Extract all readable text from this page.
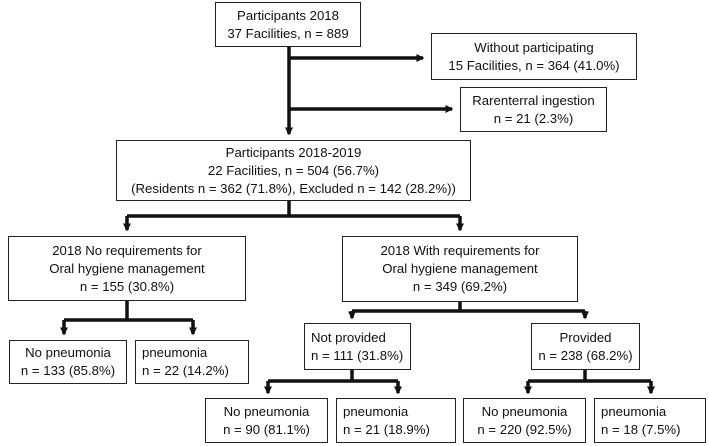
Participants 2018
37 Facilities, n = 889
Without participating
15 Facilities, n = 364 (41.0%)
Rarenterral ingestion
n = 21 (2.3%)
Participants 2018-2019
22 Facilities, n = 504 (56.7%)
(Residents n = 362 (71.8%), Excluded n = 142 (28.2%))
2018 No requirements for
Oral hygiene management
n = 155 (30.8%)
2018 With requirements for
Oral hygiene management
n = 349 (69.2%)
No pneumonia
n = 133 (85.8%)
pneumonia
n = 22 (14.2%)
Not provided
n = 111 (31.8%)
Provided
n = 238 (68.2%)
No pneumonia
n = 90 (81.1%)
pneumonia
n = 21 (18.9%)
No pneumonia
n = 220 (92.5%)
pneumonia
n = 18 (7.5%)
